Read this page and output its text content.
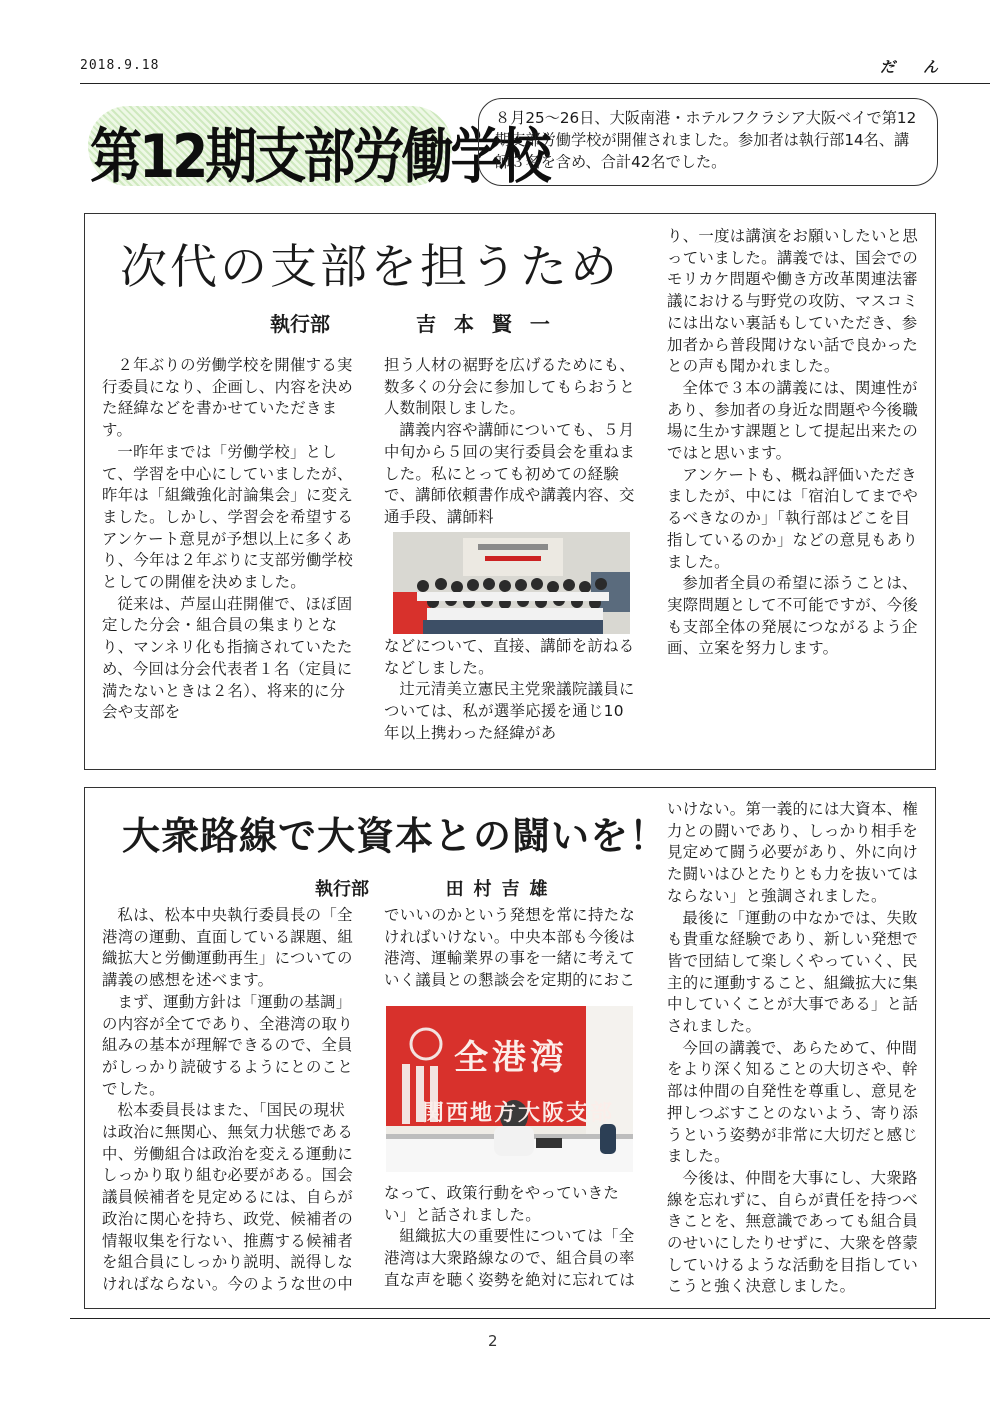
2018.9.18	だん
第12期支部労働学校
８月25～26日、大阪南港・ホテルフクラシア大阪ベイで第12期支部労働学校が開催されました。参加者は執行部14名、講師３名を含め、合計42名でした。
次代の支部を担うため
執行部	吉本賢一

２年ぶりの労働学校を開催する実行委員になり、企画し、内容を決めた経緯などを書かせていただきます。

一昨年までは「労働学校」として、学習を中心にしていましたが、昨年は「組織強化討論集会」に変えました。しかし、学習会を希望するアンケート意見が予想以上に多くあり、今年は２年ぶりに支部労働学校としての開催を決めました。

従来は、芦屋山荘開催で、ほぼ固定した分会・組合員の集まりとなり、マンネリ化も指摘されていたため、今回は分会代表者１名（定員に満たないときは２名）、将来的に分会や支部を

担う人材の裾野を広げるためにも、数多くの分会に参加してもらおうと人数制限しました。

講義内容や講師についても、５月中旬から５回の実行委員会を重ねました。私にとっても初めての経験で、講師依頼書作成や講義内容、交通手段、講師料

などについて、直接、講師を訪ねるなどしました。

辻元清美立憲民主党衆議院議員については、私が選挙応援を通じ10年以上携わった経緯があ

り、一度は講演をお願いしたいと思っていました。講義では、国会でのモリカケ問題や働き方改革関連法審議における与野党の攻防、マスコミには出ない裏話もしていただき、参加者から普段聞けない話で良かったとの声も聞かれました。

全体で３本の講義には、関連性があり、参加者の身近な問題や今後職場に生かす課題として提起出来たのではと思います。

アンケートも、概ね評価いただきましたが、中には「宿泊してまでやるべきなのか」「執行部はどこを目指しているのか」などの意見もありました。

参加者全員の希望に添うことは、実際問題として不可能ですが、今後も支部全体の発展につながるよう企画、立案を努力します。

大衆路線で大資本との闘いを！
執行部	田村吉雄

私は、松本中央執行委員長の「全港湾の運動、直面している課題、組織拡大と労働運動再生」についての講義の感想を述べます。

まず、運動方針は「運動の基調」の内容が全てであり、全港湾の取り組みの基本が理解できるので、全員がしっかり読破するようにとのことでした。

松本委員長はまた、「国民の現状は政治に無関心、無気力状態である中、労働組合は政治を変える運動にしっかり取り組む必要がある。国会議員候補者を見定めるには、自らが政治に関心を持ち、政党、候補者の情報収集を行ない、推薦する候補者を組合員にしっかり説明、説得しなければならない。今のような世の中

でいいのかという発想を常に持たなければいけない。中央本部も今後は港湾、運輸業界の事を一緒に考えていく議員との懇談会を定期的におこ

全港湾
関西地方大阪支部

なって、政策行動をやっていきたい」と話されました。

組織拡大の重要性については「全港湾は大衆路線なので、組合員の率直な声を聴く姿勢を絶対に忘れては

いけない。第一義的には大資本、権力との闘いであり、しっかり相手を見定めて闘う必要があり、外に向けた闘いはひとたりとも力を抜いてはならない」と強調されました。

最後に「運動の中なかでは、失敗も貴重な経験であり、新しい発想で皆で団結して楽しくやっていく、民主的に運動すること、組織拡大に集中していくことが大事である」と話されました。

今回の講義で、あらためて、仲間をより深く知ることの大切さや、幹部は仲間の自発性を尊重し、意見を押しつぶすことのないよう、寄り添うという姿勢が非常に大切だと感じました。

今後は、仲間を大事にし、大衆路線を忘れずに、自らが責任を持つべきことを、無意識であっても組合員のせいにしたりせずに、大衆を啓蒙していけるような活動を目指していこうと強く決意しました。

2
